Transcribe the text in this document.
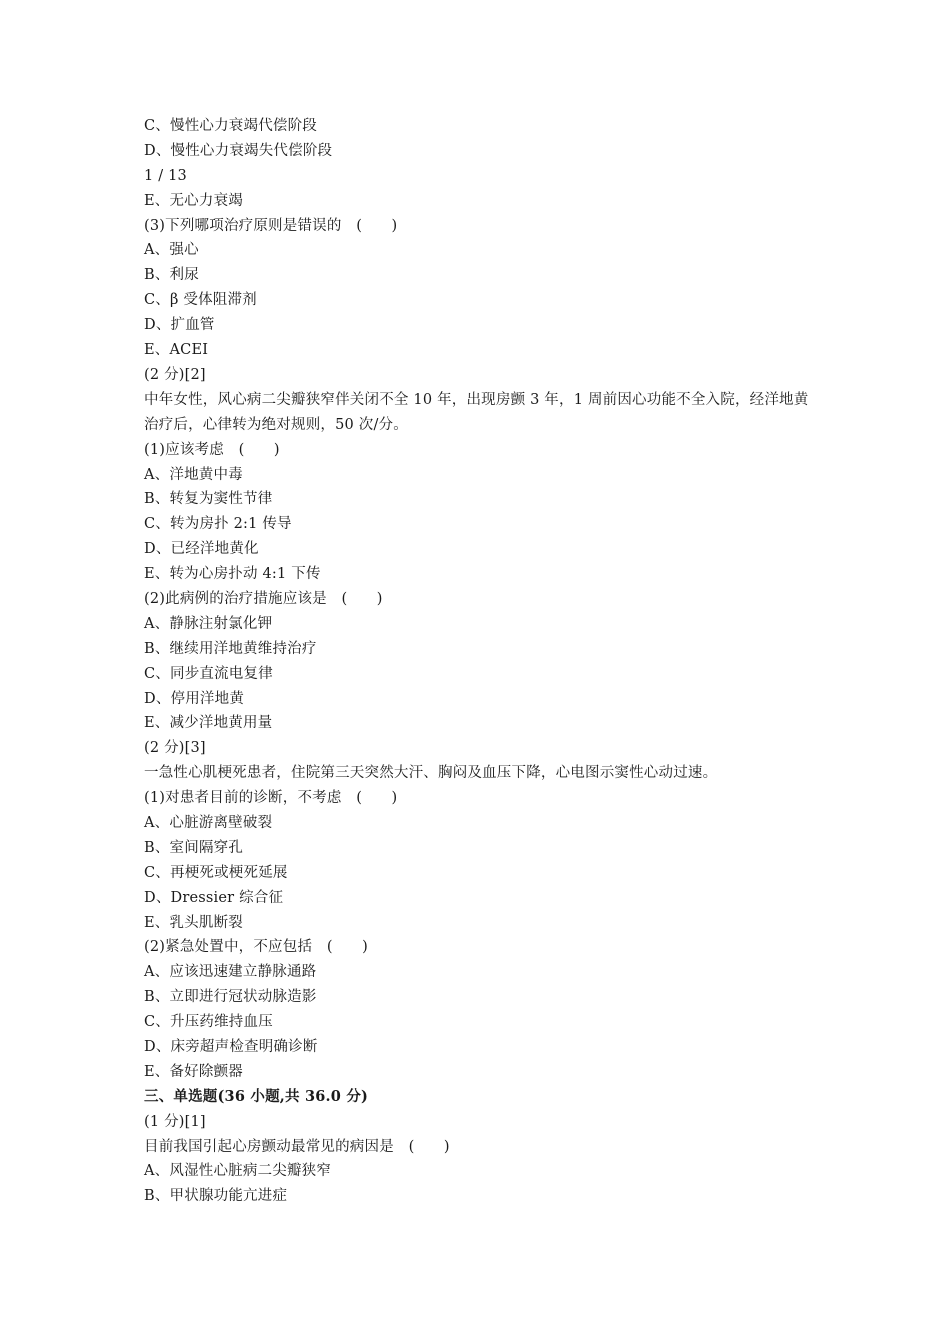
C、慢性心力衰竭代偿阶段
D、慢性心力衰竭失代偿阶段
1 / 13
E、无心力衰竭
(3)下列哪项治疗原则是错误的　(　　)
A、强心
B、利尿
C、β 受体阻滞剂
D、扩血管
E、ACEI
(2 分)[2]
中年女性，风心病二尖瓣狭窄伴关闭不全 10 年，出现房颤 3 年，1 周前因心功能不全入院，经洋地黄治疗后，心律转为绝对规则，50 次/分。
(1)应该考虑　(　　)
A、洋地黄中毒
B、转复为窦性节律
C、转为房扑 2:1 传导
D、已经洋地黄化
E、转为心房扑动 4:1 下传
(2)此病例的治疗措施应该是　(　　)
A、静脉注射氯化钾
B、继续用洋地黄维持治疗
C、同步直流电复律
D、停用洋地黄
E、减少洋地黄用量
(2 分)[3]
一急性心肌梗死患者，住院第三天突然大汗、胸闷及血压下降，心电图示窦性心动过速。
(1)对患者目前的诊断，不考虑　(　　)
A、心脏游离壁破裂
B、室间隔穿孔
C、再梗死或梗死延展
D、Dressier 综合征
E、乳头肌断裂
(2)紧急处置中，不应包括　(　　)
A、应该迅速建立静脉通路
B、立即进行冠状动脉造影
C、升压药维持血压
D、床旁超声检查明确诊断
E、备好除颤器
三、单选题(36 小题,共 36.0 分)
(1 分)[1]
目前我国引起心房颤动最常见的病因是　(　　)
A、风湿性心脏病二尖瓣狭窄
B、甲状腺功能亢进症
